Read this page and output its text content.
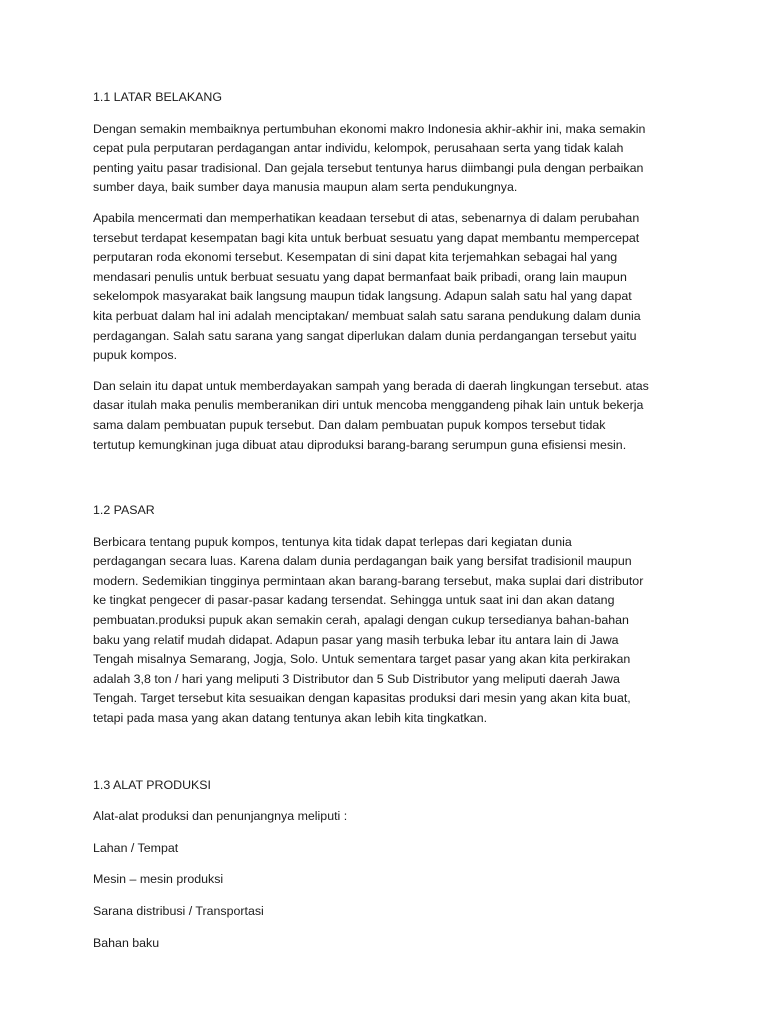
1.1 LATAR BELAKANG
Dengan semakin membaiknya pertumbuhan ekonomi makro Indonesia akhir-akhir ini, maka semakin
cepat pula perputaran perdagangan antar individu, kelompok, perusahaan serta yang tidak kalah
penting yaitu pasar tradisional. Dan gejala tersebut tentunya harus diimbangi pula dengan perbaikan
sumber daya, baik sumber daya manusia maupun alam serta pendukungnya.
Apabila mencermati dan memperhatikan keadaan tersebut di atas, sebenarnya di dalam perubahan
tersebut terdapat kesempatan bagi kita untuk berbuat sesuatu yang dapat membantu mempercepat
perputaran roda ekonomi tersebut. Kesempatan di sini dapat kita terjemahkan sebagai hal yang
mendasari penulis untuk berbuat sesuatu yang dapat bermanfaat baik pribadi, orang lain maupun
sekelompok masyarakat baik langsung maupun tidak langsung. Adapun salah satu hal yang dapat
kita perbuat dalam hal ini adalah menciptakan/ membuat salah satu sarana pendukung dalam dunia
perdagangan. Salah satu sarana yang sangat diperlukan dalam dunia perdangangan tersebut yaitu
pupuk kompos.
Dan selain itu dapat untuk memberdayakan sampah yang berada di daerah lingkungan tersebut. atas
dasar itulah maka penulis memberanikan diri untuk mencoba menggandeng pihak lain untuk bekerja
sama dalam pembuatan pupuk tersebut. Dan dalam pembuatan pupuk kompos tersebut tidak
tertutup kemungkinan juga dibuat atau diproduksi barang-barang serumpun guna efisiensi mesin.
1.2 PASAR
Berbicara tentang pupuk kompos, tentunya kita tidak dapat terlepas dari kegiatan dunia
perdagangan secara luas. Karena dalam dunia perdagangan baik yang bersifat tradisionil maupun
modern. Sedemikian tingginya permintaan akan barang-barang tersebut, maka suplai dari distributor
ke tingkat pengecer di pasar-pasar kadang tersendat. Sehingga untuk saat ini dan akan datang
pembuatan.produksi pupuk akan semakin cerah, apalagi dengan cukup tersedianya bahan-bahan
baku yang relatif mudah didapat. Adapun pasar yang masih terbuka lebar itu antara lain di Jawa
Tengah misalnya Semarang, Jogja, Solo. Untuk sementara target pasar yang akan kita perkirakan
adalah 3,8 ton / hari yang meliputi 3 Distributor dan 5 Sub Distributor yang meliputi daerah Jawa
Tengah. Target tersebut kita sesuaikan dengan kapasitas produksi dari mesin yang akan kita buat,
tetapi pada masa yang akan datang tentunya akan lebih kita tingkatkan.
1.3 ALAT PRODUKSI
Alat-alat produksi dan penunjangnya meliputi :
Lahan / Tempat
Mesin – mesin produksi
Sarana distribusi / Transportasi
Bahan baku
